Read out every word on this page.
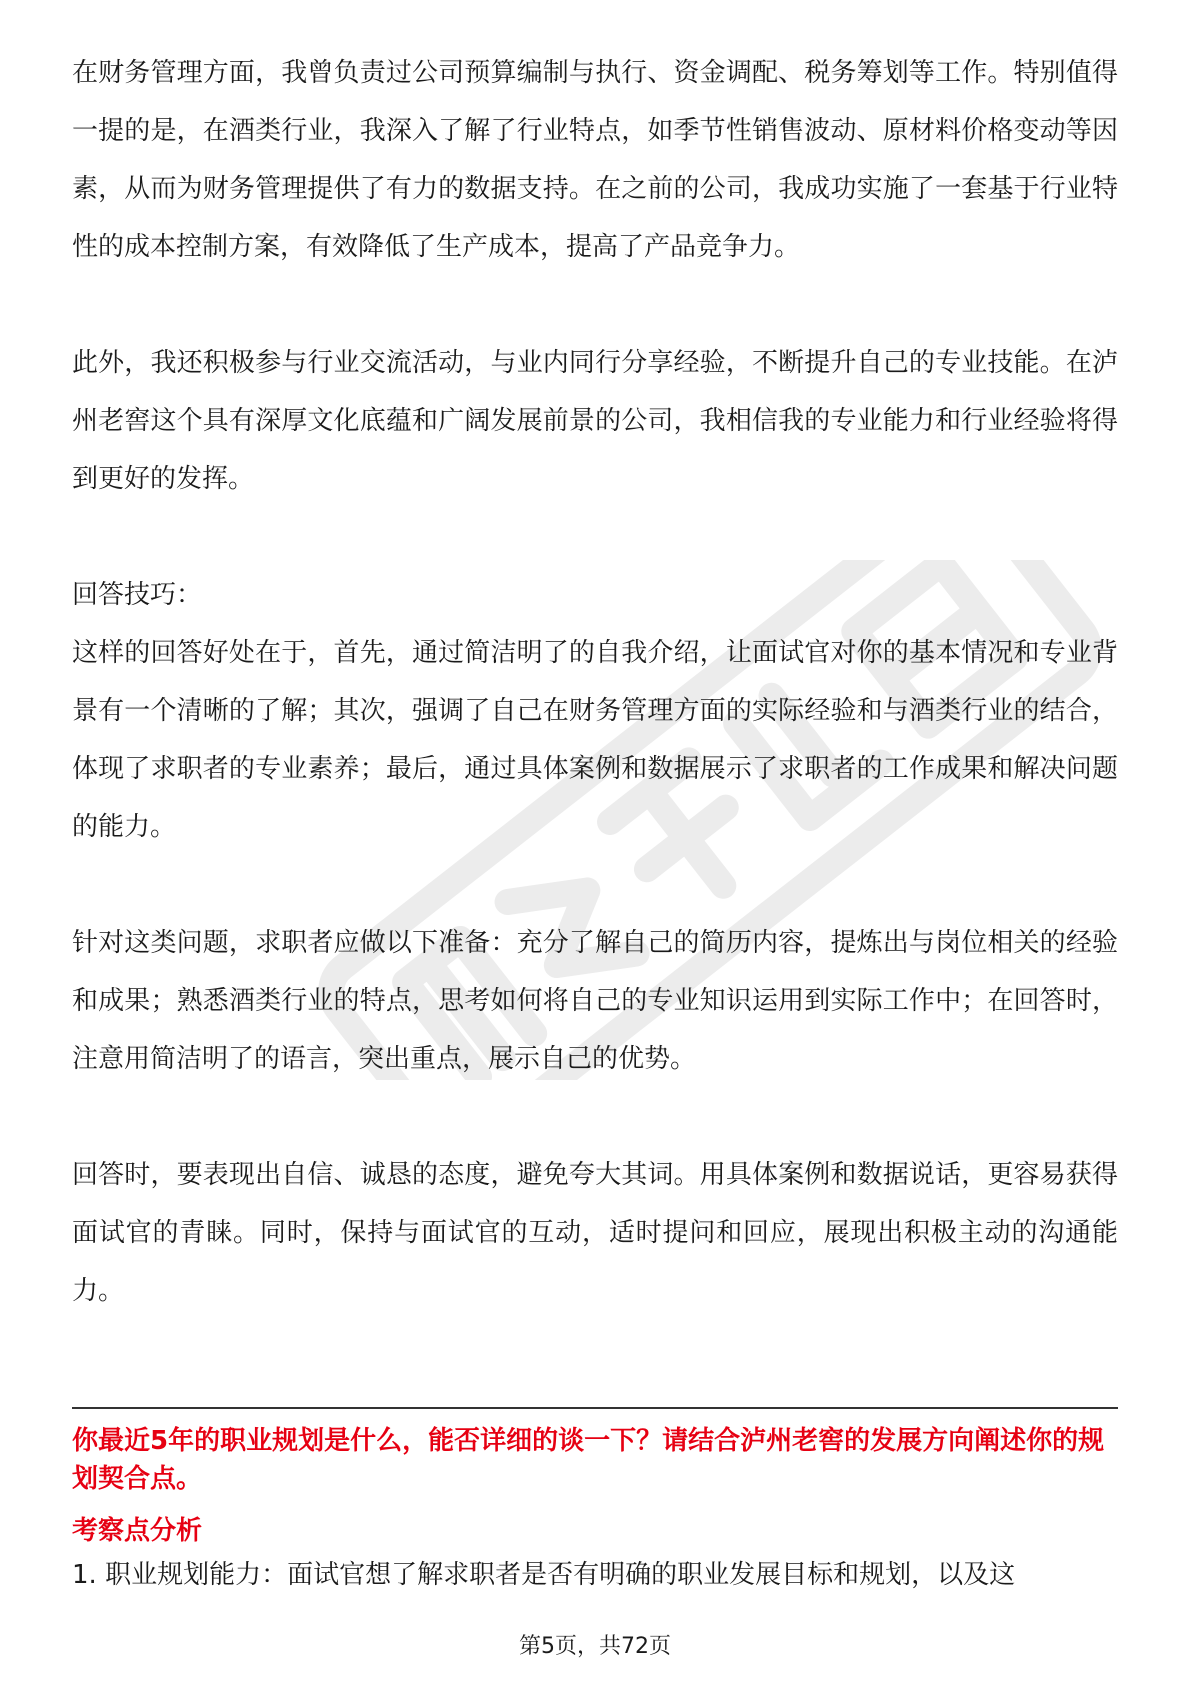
在财务管理方面，我曾负责过公司预算编制与执行、资金调配、税务筹划等工作。特别值得一提的是，在酒类行业，我深入了解了行业特点，如季节性销售波动、原材料价格变动等因素，从而为财务管理提供了有力的数据支持。在之前的公司，我成功实施了一套基于行业特性的成本控制方案，有效降低了生产成本，提高了产品竞争力。

此外，我还积极参与行业交流活动，与业内同行分享经验，不断提升自己的专业技能。在泸州老窖这个具有深厚文化底蕴和广阔发展前景的公司，我相信我的专业能力和行业经验将得到更好的发挥。

回答技巧：

这样的回答好处在于，首先，通过简洁明了的自我介绍，让面试官对你的基本情况和专业背景有一个清晰的了解；其次，强调了自己在财务管理方面的实际经验和与酒类行业的结合，体现了求职者的专业素养；最后，通过具体案例和数据展示了求职者的工作成果和解决问题的能力。

针对这类问题，求职者应做以下准备：充分了解自己的简历内容，提炼出与岗位相关的经验和成果；熟悉酒类行业的特点，思考如何将自己的专业知识运用到实际工作中；在回答时，注意用简洁明了的语言，突出重点，展示自己的优势。

回答时，要表现出自信、诚恳的态度，避免夸大其词。用具体案例和数据说话，更容易获得面试官的青睐。同时，保持与面试官的互动，适时提问和回应，展现出积极主动的沟通能力。

你最近5年的职业规划是什么，能否详细的谈一下？请结合泸州老窖的发展方向阐述你的规划契合点。

考察点分析

1. 职业规划能力：面试官想了解求职者是否有明确的职业发展目标和规划，以及这

第5页，共72页
